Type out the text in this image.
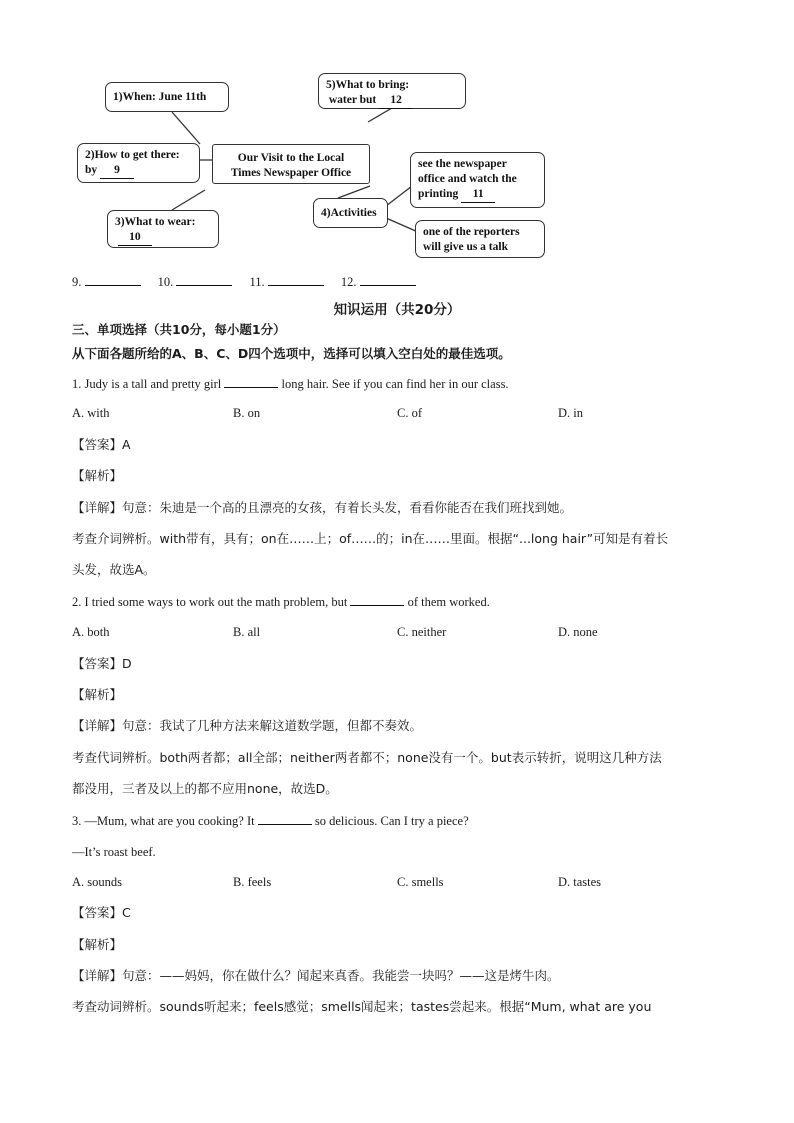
1)When: June 11th
2)How to get there:
by 9
Our Visit to the Local
Times Newspaper Office
3)What to wear:
10
5)What to bring:
water but 12
4)Activities
see the newspaper
office and watch the
printing 11
one of the reporters
will give us a talk
9.	10.	11.	12.
知识运用（共20分）
三、单项选择（共10分，每小题1分）
从下面各题所给的A、B、C、D四个选项中，选择可以填入空白处的最佳选项。
1. Judy is a tall and pretty girl	long hair. See if you can find her in our class.
A. with	B. on	C. of	D. in
【答案】A
【解析】
【详解】句意：朱迪是一个高的且漂亮的女孩，有着长头发，看看你能否在我们班找到她。
考查介词辨析。with带有，具有；on在……上；of……的；in在……里面。根据“...long hair”可知是有着长
头发，故选A。
2. I tried some ways to work out the math problem, but	of them worked.
A. both	B. all	C. neither	D. none
【答案】D
【解析】
【详解】句意：我试了几种方法来解这道数学题，但都不奏效。
考查代词辨析。both两者都；all全部；neither两者都不；none没有一个。but表示转折，说明这几种方法
都没用，三者及以上的都不应用none，故选D。
3. —Mum, what are you cooking? It	so delicious. Can I try a piece?
—It’s roast beef.
A. sounds	B. feels	C. smells	D. tastes
【答案】C
【解析】
【详解】句意：——妈妈，你在做什么？闻起来真香。我能尝一块吗？——这是烤牛肉。
考查动词辨析。sounds听起来；feels感觉；smells闻起来；tastes尝起来。根据“Mum, what are you
